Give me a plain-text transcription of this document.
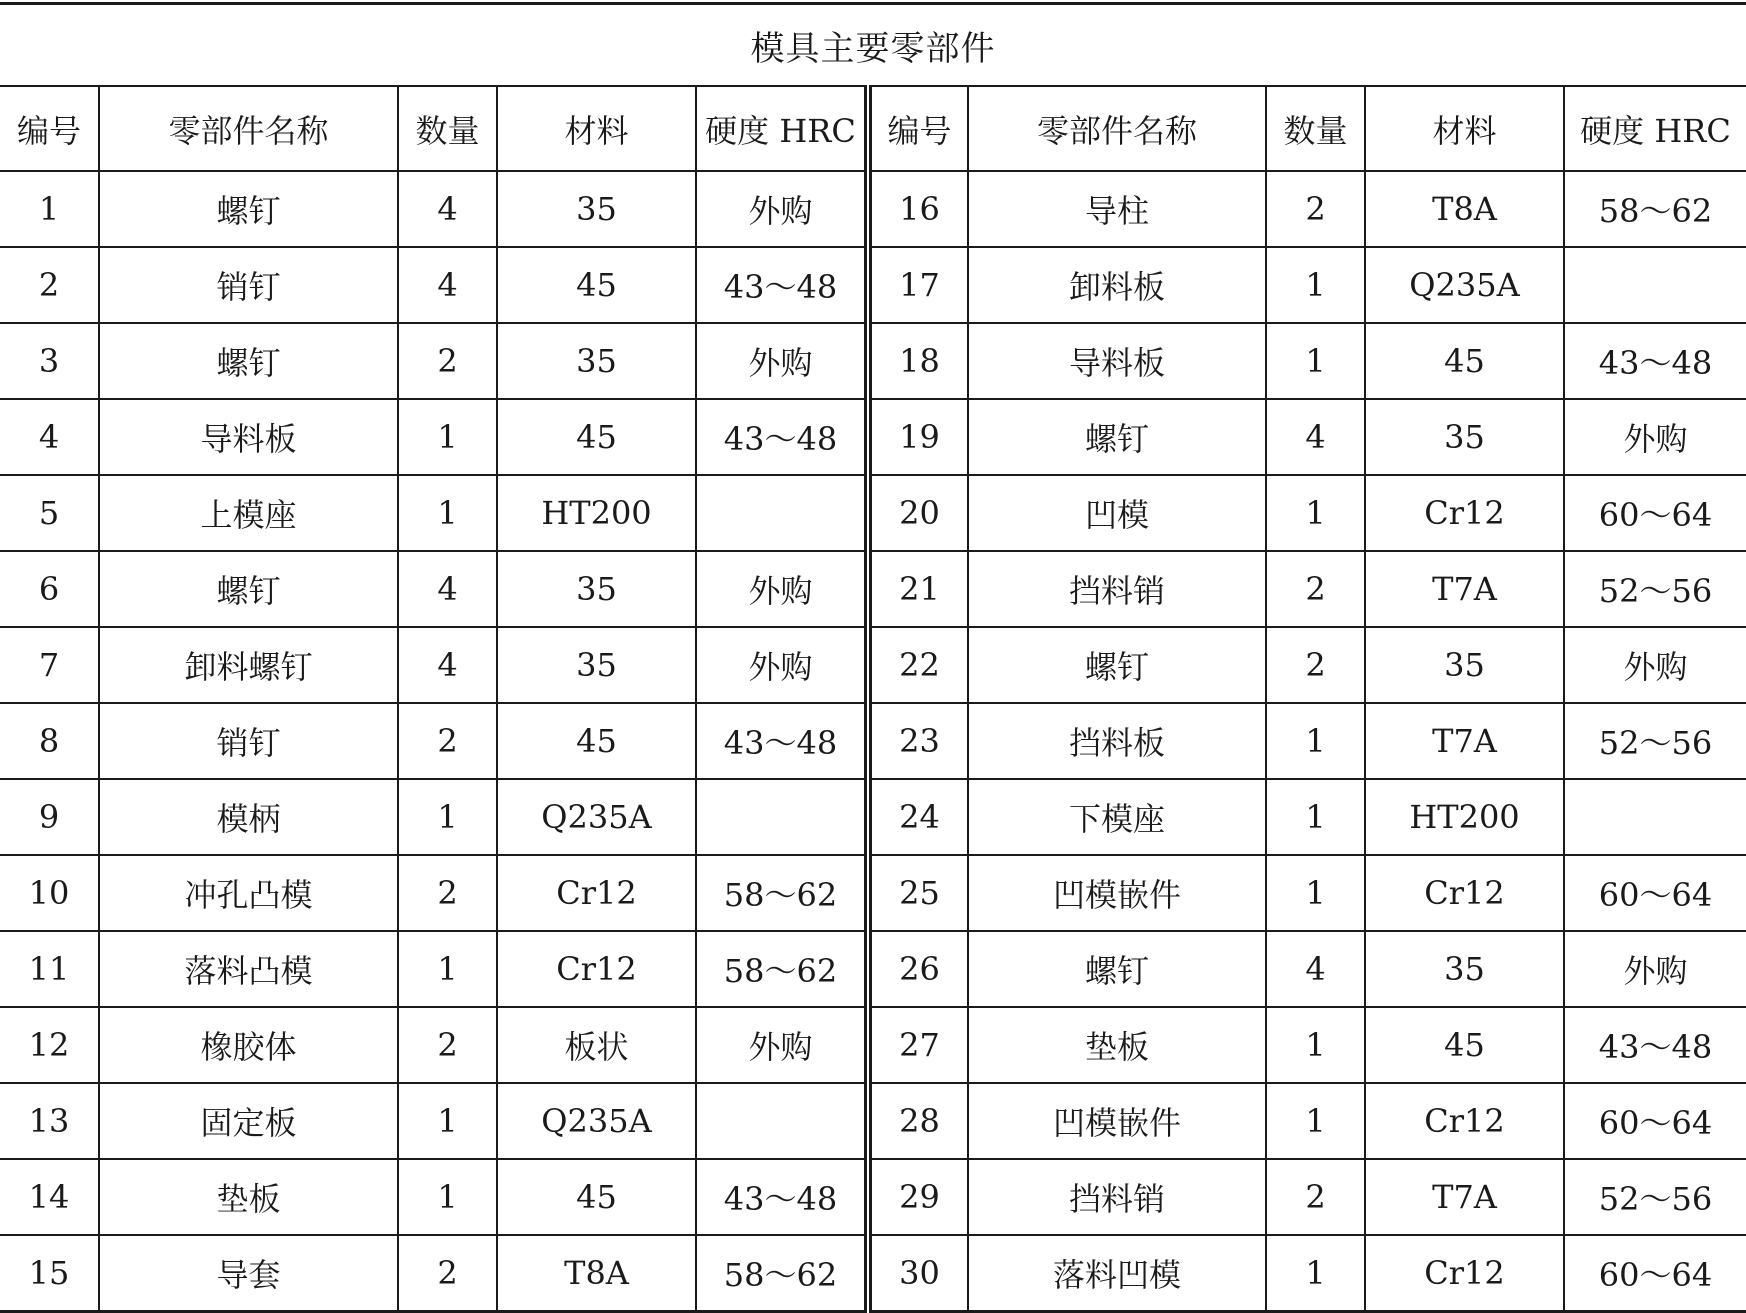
模具主要零部件
编号	零部件名称	数量	材料	硬度 HRC	编号	零部件名称	数量	材料	硬度 HRC
1	螺钉	4	35	外购	16	导柱	2	T8A	58～62
2	销钉	4	45	43～48	17	卸料板	1	Q235A	
3	螺钉	2	35	外购	18	导料板	1	45	43～48
4	导料板	1	45	43～48	19	螺钉	4	35	外购
5	上模座	1	HT200		20	凹模	1	Cr12	60～64
6	螺钉	4	35	外购	21	挡料销	2	T7A	52～56
7	卸料螺钉	4	35	外购	22	螺钉	2	35	外购
8	销钉	2	45	43～48	23	挡料板	1	T7A	52～56
9	模柄	1	Q235A		24	下模座	1	HT200	
10	冲孔凸模	2	Cr12	58～62	25	凹模嵌件	1	Cr12	60～64
11	落料凸模	1	Cr12	58～62	26	螺钉	4	35	外购
12	橡胶体	2	板状	外购	27	垫板	1	45	43～48
13	固定板	1	Q235A		28	凹模嵌件	1	Cr12	60～64
14	垫板	1	45	43～48	29	挡料销	2	T7A	52～56
15	导套	2	T8A	58～62	30	落料凹模	1	Cr12	60～64
